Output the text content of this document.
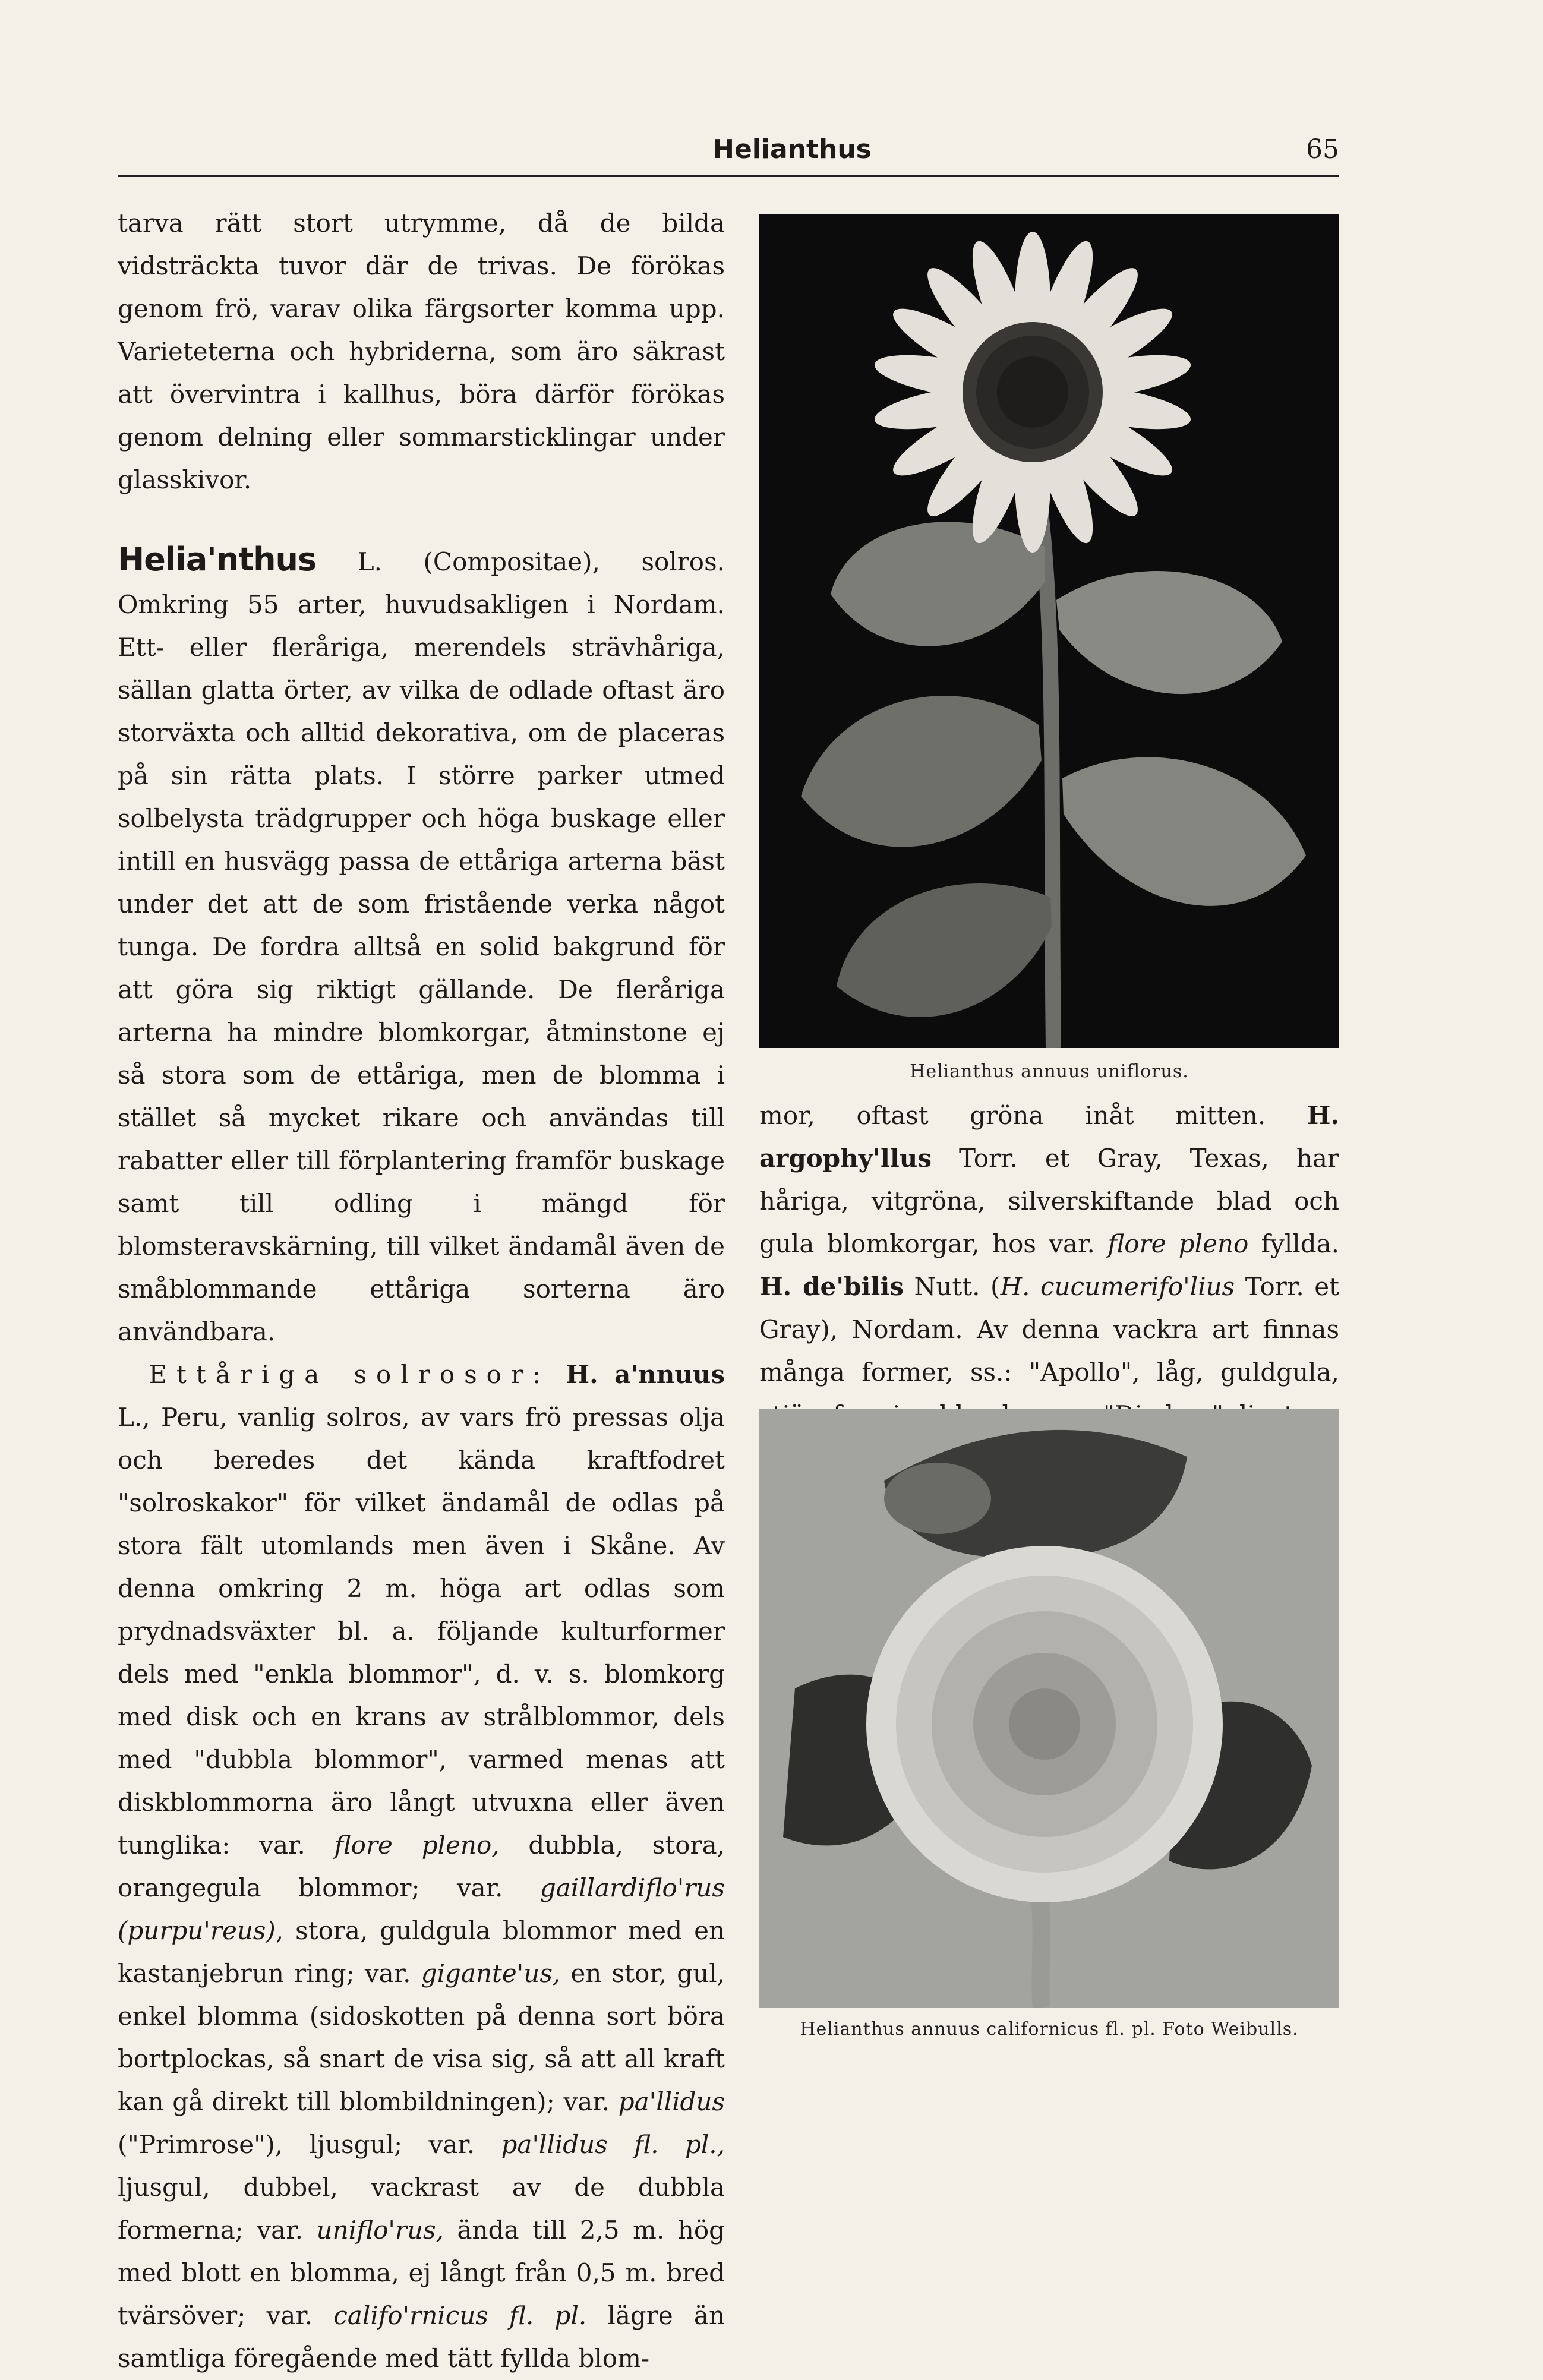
Helianthus	65

tarva rätt stort utrymme, då de bilda vidsträckta tuvor där de trivas. De förökas genom frö, varav olika färgsorter komma upp. Varieteterna och hybriderna, som äro säkrast att övervintra i kallhus, böra därför förökas genom delning eller sommarsticklingar under glasskivor.

Helia'nthus L. (Compositae), solros. Omkring 55 arter, huvudsakligen i Nordam. Ett- eller fleråriga, merendels strävhåriga, sällan glatta örter, av vilka de odlade oftast äro storväxta och alltid dekorativa, om de placeras på sin rätta plats. I större parker utmed solbelysta trädgrupper och höga buskage eller intill en husvägg passa de ettåriga arterna bäst under det att de som fristående verka något tunga. De fordra alltså en solid bakgrund för att göra sig riktigt gällande. De fleråriga arterna ha mindre blomkorgar, åtminstone ej så stora som de ettåriga, men de blomma i stället så mycket rikare och användas till rabatter eller till förplantering framför buskage samt till odling i mängd för blomsteravskärning, till vilket ändamål även de småblommande ettåriga sorterna äro användbara.

Ettåriga solrosor: H. a'nnuus L., Peru, vanlig solros, av vars frö pressas olja och beredes det kända kraftfodret "solroskakor" för vilket ändamål de odlas på stora fält utomlands men även i Skåne. Av denna omkring 2 m. höga art odlas som prydnadsväxter bl. a. följande kulturformer dels med "enkla blommor", d. v. s. blomkorg med disk och en krans av strålblommor, dels med "dubbla blommor", varmed menas att diskblommorna äro långt utvuxna eller även tunglika: var. flore pleno, dubbla, stora, orangegula blommor; var. gaillardiflo'rus (purpu'reus), stora, guldgula blommor med en kastanjebrun ring; var. gigante'us, en stor, gul, enkel blomma (sidoskotten på denna sort böra bortplockas, så snart de visa sig, så att all kraft kan gå direkt till blombildningen); var. pa'llidus ("Primrose"), ljusgul; var. pa'llidus fl. pl., ljusgul, dubbel, vackrast av de dubbla formerna; var. uniflo'rus, ända till 2,5 m. hög med blott en blomma, ej långt från 0,5 m. bred tvärsöver; var. califo'rnicus fl. pl. lägre än samtliga föregående med tätt fyllda blom-

Helianthus annuus uniflorus.

mor, oftast gröna inåt mitten. H. argophy'llus Torr. et Gray, Texas, har håriga, vitgröna, silverskiftande blad och gula blomkorgar, hos var. flore pleno fyllda. H. de'bilis Nutt. (H. cucumerifo'lius Torr. et Gray), Nordam. Av denna vackra art finnas många former, ss.: "Apollo", låg, guldgula,

Helianthus annuus californicus fl. pl. Foto Weibulls.
